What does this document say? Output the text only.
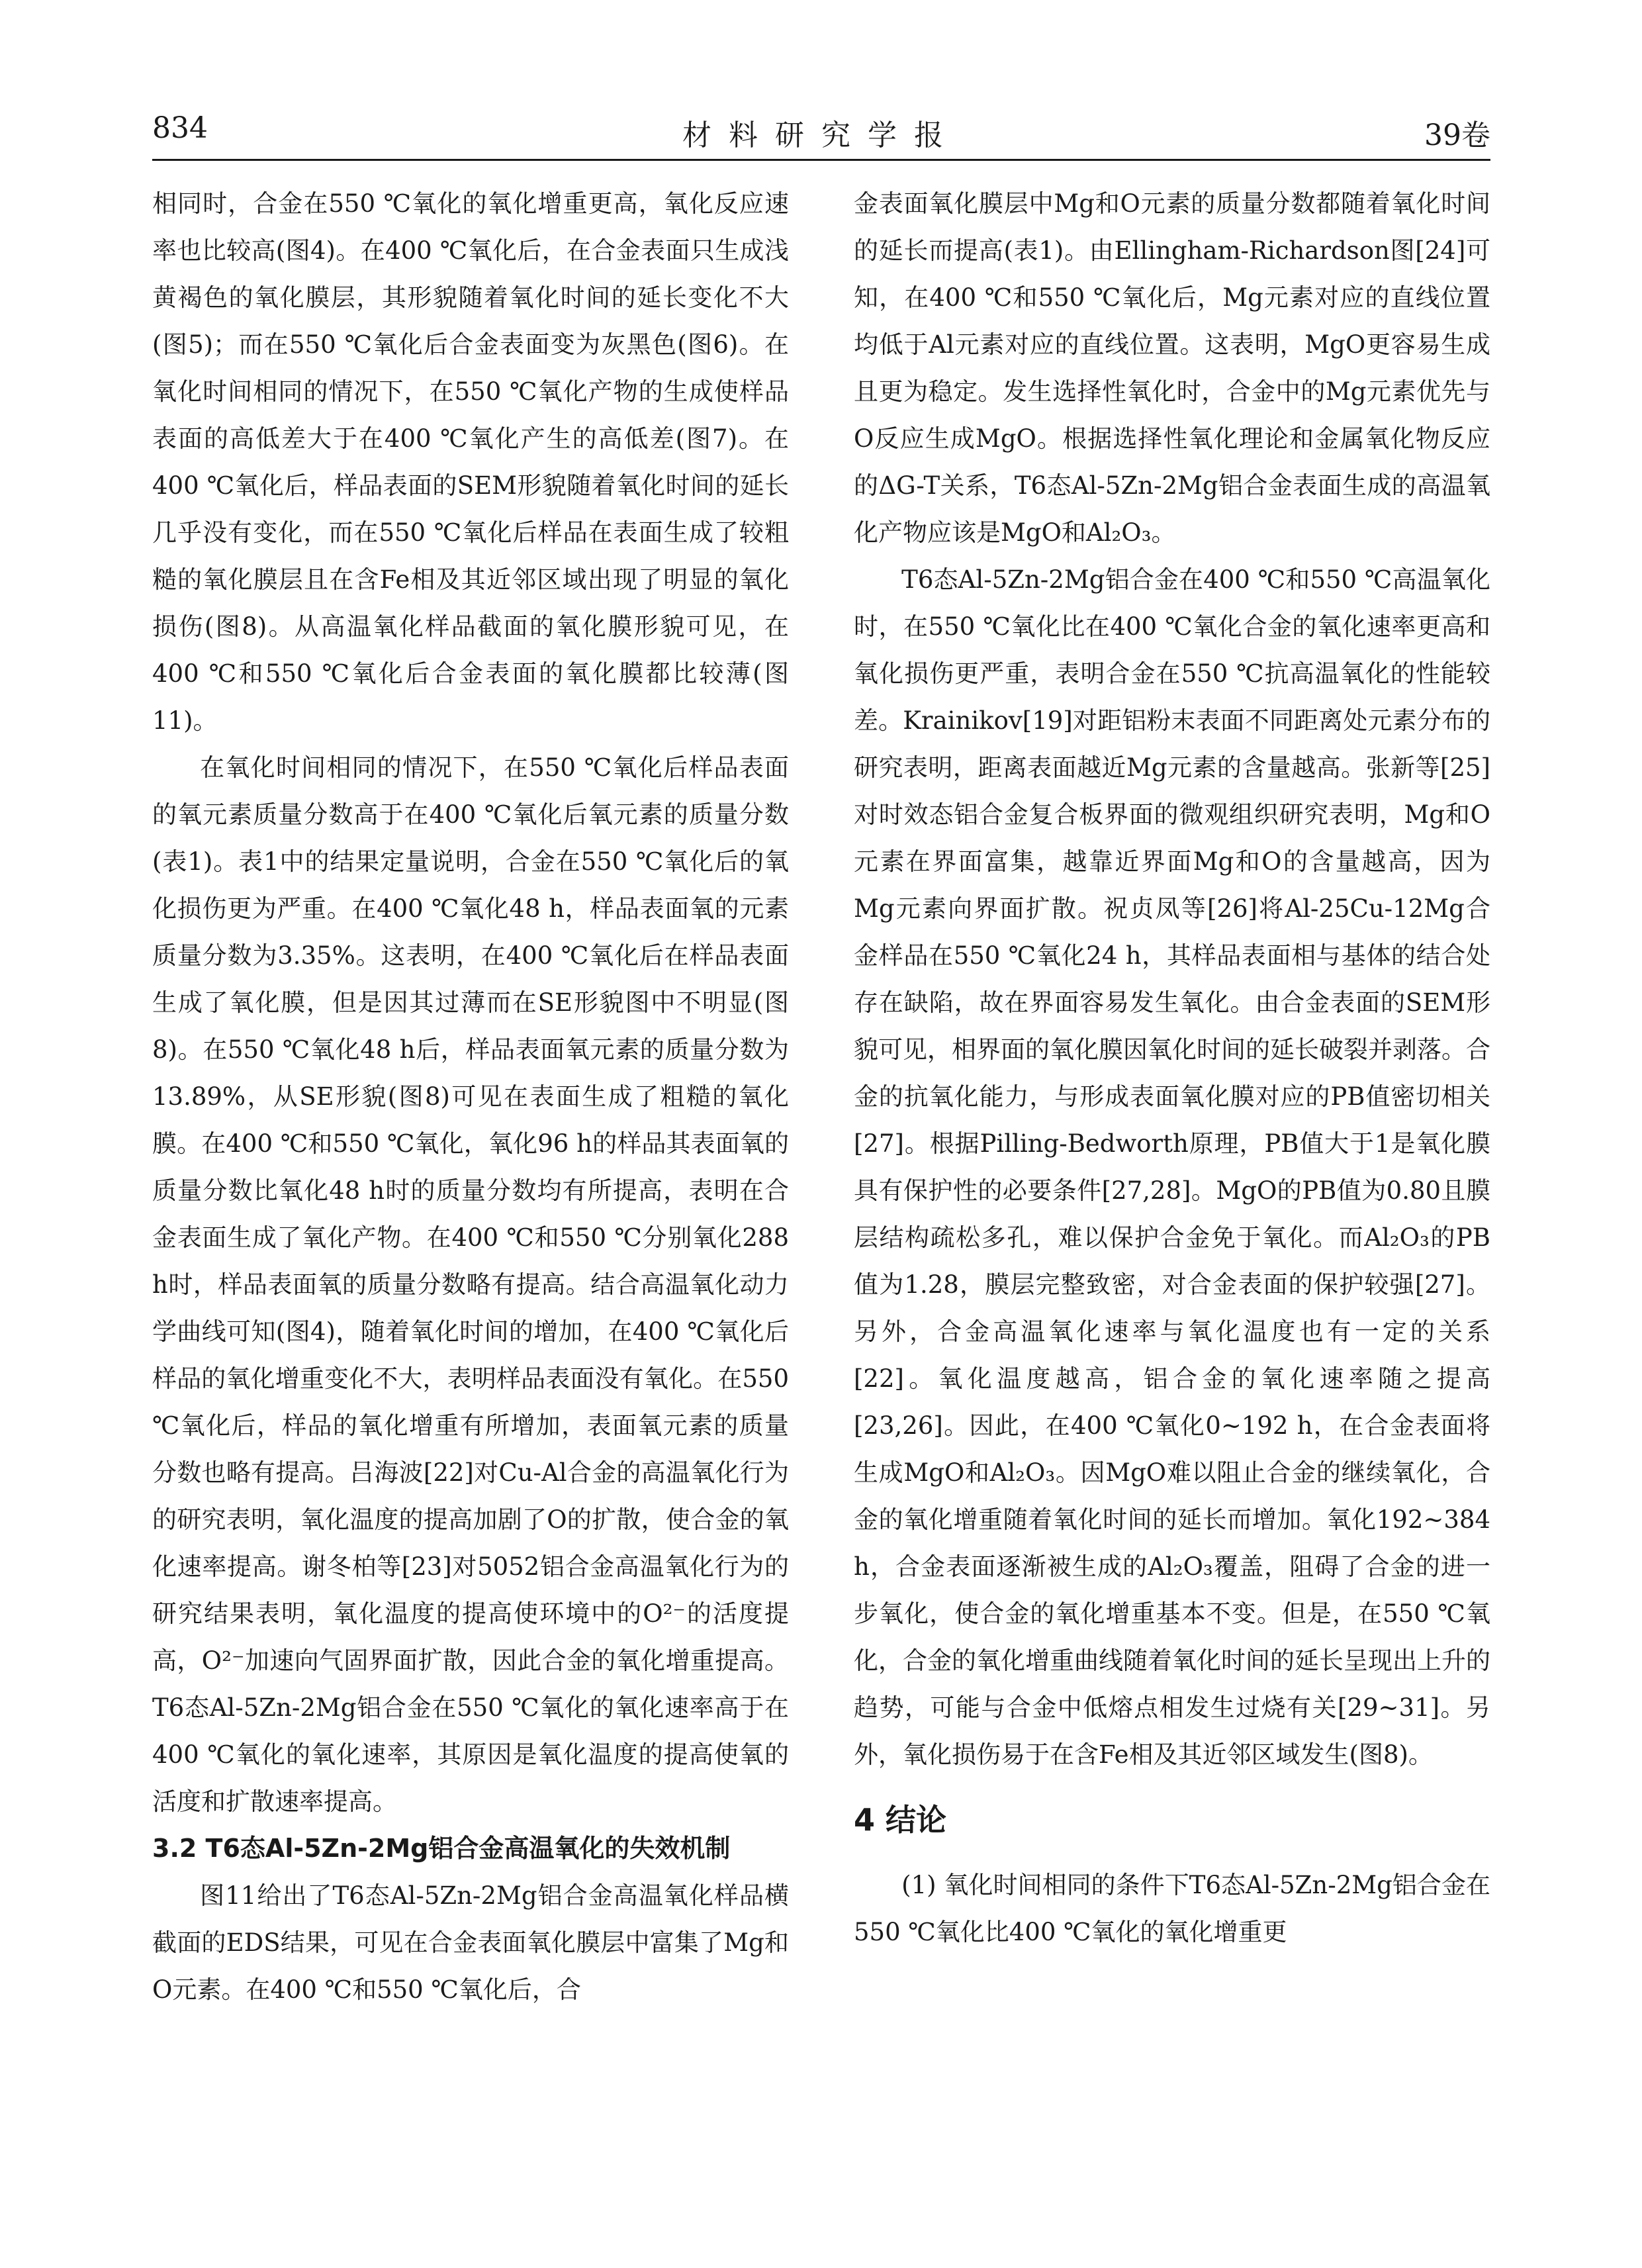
834	材料研究学报	39卷

相同时，合金在550 ℃氧化的氧化增重更高，氧化反应速率也比较高(图4)。在400 ℃氧化后，在合金表面只生成浅黄褐色的氧化膜层，其形貌随着氧化时间的延长变化不大(图5)；而在550 ℃氧化后合金表面变为灰黑色(图6)。在氧化时间相同的情况下，在550 ℃氧化产物的生成使样品表面的高低差大于在400 ℃氧化产生的高低差(图7)。在400 ℃氧化后，样品表面的SEM形貌随着氧化时间的延长几乎没有变化，而在550 ℃氧化后样品在表面生成了较粗糙的氧化膜层且在含Fe相及其近邻区域出现了明显的氧化损伤(图8)。从高温氧化样品截面的氧化膜形貌可见，在400 ℃和550 ℃氧化后合金表面的氧化膜都比较薄(图11)。

在氧化时间相同的情况下，在550 ℃氧化后样品表面的氧元素质量分数高于在400 ℃氧化后氧元素的质量分数(表1)。表1中的结果定量说明，合金在550 ℃氧化后的氧化损伤更为严重。在400 ℃氧化48 h，样品表面氧的元素质量分数为3.35%。这表明，在400 ℃氧化后在样品表面生成了氧化膜，但是因其过薄而在SE形貌图中不明显(图8)。在550 ℃氧化48 h后，样品表面氧元素的质量分数为13.89%，从SE形貌(图8)可见在表面生成了粗糙的氧化膜。在400 ℃和550 ℃氧化，氧化96 h的样品其表面氧的质量分数比氧化48 h时的质量分数均有所提高，表明在合金表面生成了氧化产物。在400 ℃和550 ℃分别氧化288 h时，样品表面氧的质量分数略有提高。结合高温氧化动力学曲线可知(图4)，随着氧化时间的增加，在400 ℃氧化后样品的氧化增重变化不大，表明样品表面没有氧化。在550 ℃氧化后，样品的氧化增重有所增加，表面氧元素的质量分数也略有提高。吕海波[22]对Cu-Al合金的高温氧化行为的研究表明，氧化温度的提高加剧了O的扩散，使合金的氧化速率提高。谢冬柏等[23]对5052铝合金高温氧化行为的研究结果表明，氧化温度的提高使环境中的O²⁻的活度提高，O²⁻加速向气固界面扩散，因此合金的氧化增重提高。T6态Al-5Zn-2Mg铝合金在550 ℃氧化的氧化速率高于在400 ℃氧化的氧化速率，其原因是氧化温度的提高使氧的活度和扩散速率提高。

3.2 T6态Al-5Zn-2Mg铝合金高温氧化的失效机制

图11给出了T6态Al-5Zn-2Mg铝合金高温氧化样品横截面的EDS结果，可见在合金表面氧化膜层中富集了Mg和O元素。在400 ℃和550 ℃氧化后，合

金表面氧化膜层中Mg和O元素的质量分数都随着氧化时间的延长而提高(表1)。由Ellingham-Richardson图[24]可知，在400 ℃和550 ℃氧化后，Mg元素对应的直线位置均低于Al元素对应的直线位置。这表明，MgO更容易生成且更为稳定。发生选择性氧化时，合金中的Mg元素优先与O反应生成MgO。根据选择性氧化理论和金属氧化物反应的ΔG-T关系，T6态Al-5Zn-2Mg铝合金表面生成的高温氧化产物应该是MgO和Al₂O₃。

T6态Al-5Zn-2Mg铝合金在400 ℃和550 ℃高温氧化时，在550 ℃氧化比在400 ℃氧化合金的氧化速率更高和氧化损伤更严重，表明合金在550 ℃抗高温氧化的性能较差。Krainikov[19]对距铝粉末表面不同距离处元素分布的研究表明，距离表面越近Mg元素的含量越高。张新等[25]对时效态铝合金复合板界面的微观组织研究表明，Mg和O元素在界面富集，越靠近界面Mg和O的含量越高，因为Mg元素向界面扩散。祝贞凤等[26]将Al-25Cu-12Mg合金样品在550 ℃氧化24 h，其样品表面相与基体的结合处存在缺陷，故在界面容易发生氧化。由合金表面的SEM形貌可见，相界面的氧化膜因氧化时间的延长破裂并剥落。合金的抗氧化能力，与形成表面氧化膜对应的PB值密切相关[27]。根据Pilling-Bedworth原理，PB值大于1是氧化膜具有保护性的必要条件[27,28]。MgO的PB值为0.80且膜层结构疏松多孔，难以保护合金免于氧化。而Al₂O₃的PB值为1.28，膜层完整致密，对合金表面的保护较强[27]。另外，合金高温氧化速率与氧化温度也有一定的关系[22]。氧化温度越高，铝合金的氧化速率随之提高[23,26]。因此，在400 ℃氧化0~192 h，在合金表面将生成MgO和Al₂O₃。因MgO难以阻止合金的继续氧化，合金的氧化增重随着氧化时间的延长而增加。氧化192~384 h，合金表面逐渐被生成的Al₂O₃覆盖，阻碍了合金的进一步氧化，使合金的氧化增重基本不变。但是，在550 ℃氧化，合金的氧化增重曲线随着氧化时间的延长呈现出上升的趋势，可能与合金中低熔点相发生过烧有关[29~31]。另外，氧化损伤易于在含Fe相及其近邻区域发生(图8)。

4 结论

(1) 氧化时间相同的条件下T6态Al-5Zn-2Mg铝合金在550 ℃氧化比400 ℃氧化的氧化增重更
